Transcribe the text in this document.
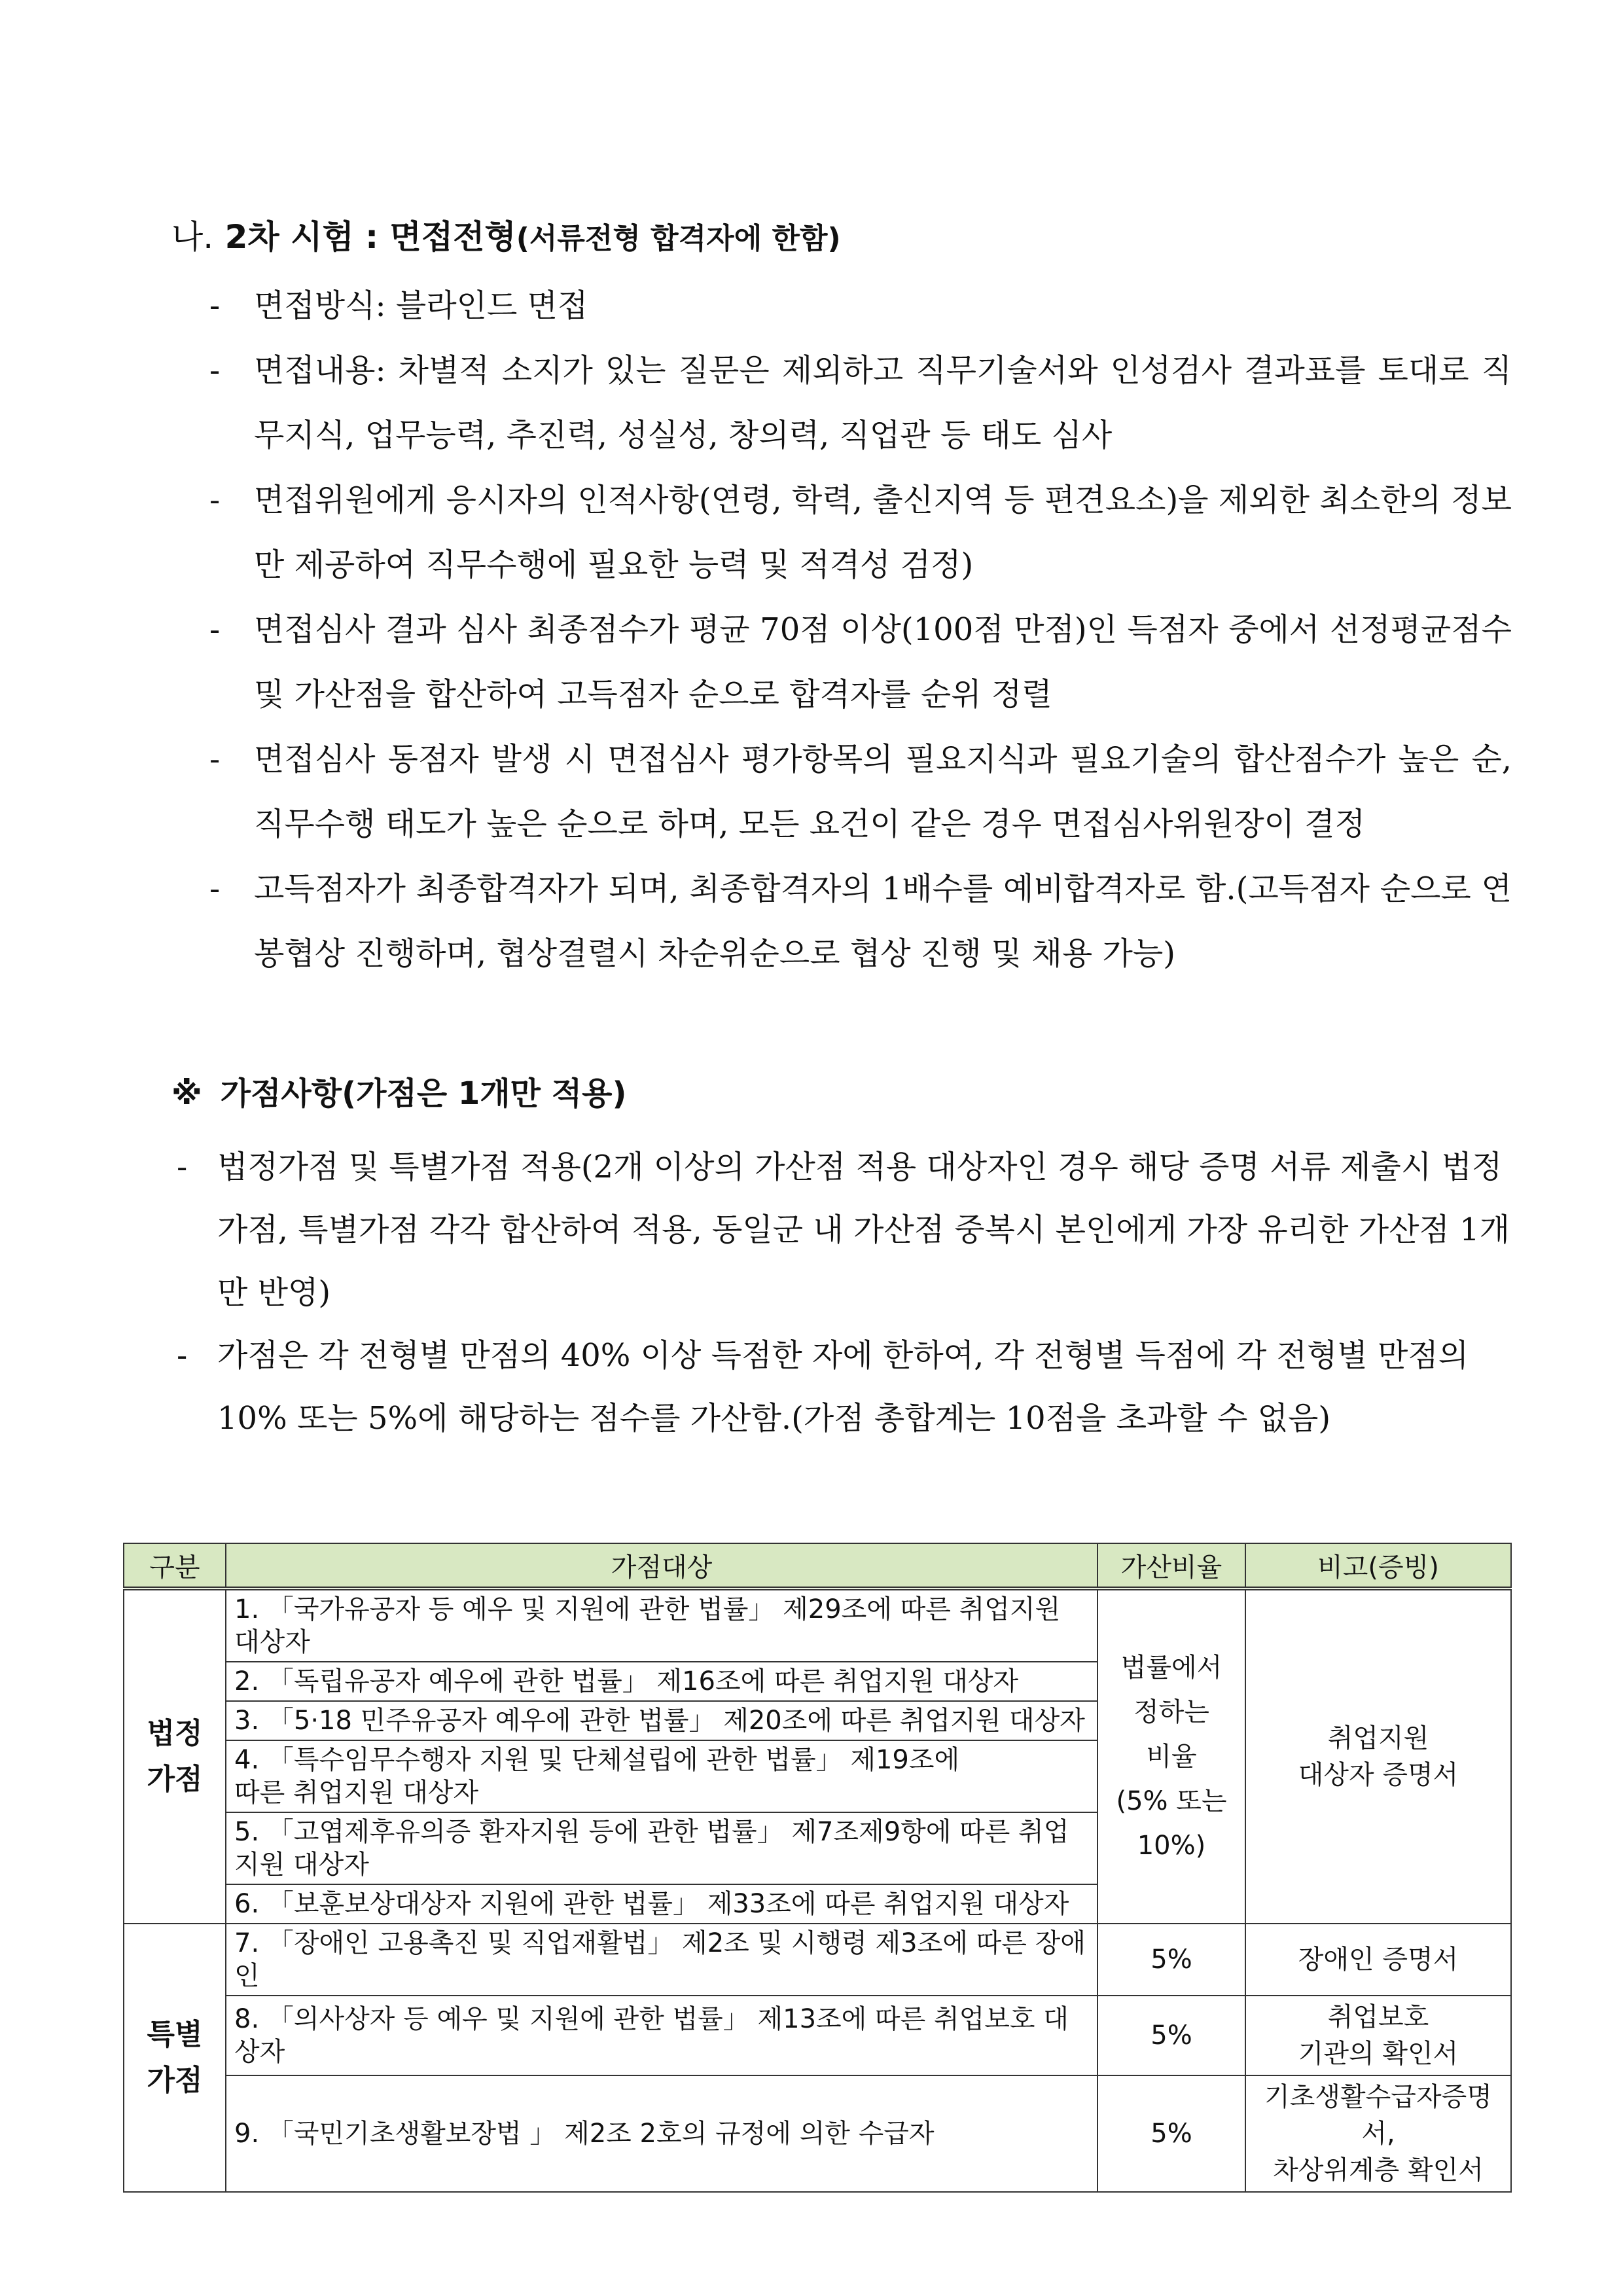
나. 2차 시험 : 면접전형(서류전형 합격자에 한함)
- 면접방식: 블라인드 면접
- 면접내용: 차별적 소지가 있는 질문은 제외하고 직무기술서와 인성검사 결과표를 토대로 직무지식, 업무능력, 추진력, 성실성, 창의력, 직업관 등 태도 심사
- 면접위원에게 응시자의 인적사항(연령, 학력, 출신지역 등 편견요소)을 제외한 최소한의 정보만 제공하여 직무수행에 필요한 능력 및 적격성 검정)
- 면접심사 결과 심사 최종점수가 평균 70점 이상(100점 만점)인 득점자 중에서 선정평균점수 및 가산점을 합산하여 고득점자 순으로 합격자를 순위 정렬
- 면접심사 동점자 발생 시 면접심사 평가항목의 필요지식과 필요기술의 합산점수가 높은 순, 직무수행 태도가 높은 순으로 하며, 모든 요건이 같은 경우 면접심사위원장이 결정
- 고득점자가 최종합격자가 되며, 최종합격자의 1배수를 예비합격자로 함.(고득점자 순으로 연봉협상 진행하며, 협상결렬시 차순위순으로 협상 진행 및 채용 가능)
※ 가점사항(가점은 1개만 적용)
- 법정가점 및 특별가점 적용(2개 이상의 가산점 적용 대상자인 경우 해당 증명 서류 제출시 법정가점, 특별가점 각각 합산하여 적용, 동일군 내 가산점 중복시 본인에게 가장 유리한 가산점 1개만 반영)
- 가점은 각 전형별 만점의 40% 이상 득점한 자에 한하여, 각 전형별 득점에 각 전형별 만점의 10% 또는 5%에 해당하는 점수를 가산함.(가점 총합계는 10점을 초과할 수 없음)
구분	가점대상	가산비율	비고(증빙)
법정
가점	1. 「국가유공자 등 예우 및 지원에 관한 법률」 제29조에 따른 취업지원 대상자	법률에서
정하는
비율
(5% 또는
10%)	취업지원
대상자 증명서
	2. 「독립유공자 예우에 관한 법률」 제16조에 따른 취업지원 대상자		
	3. 「5·18 민주유공자 예우에 관한 법률」 제20조에 따른 취업지원 대상자		
	4. 「특수임무수행자 지원 및 단체설립에 관한 법률」 제19조에
따른 취업지원 대상자		
	5. 「고엽제후유의증 환자지원 등에 관한 법률」 제7조제9항에 따른 취업지원 대상자		
	6. 「보훈보상대상자 지원에 관한 법률」 제33조에 따른 취업지원 대상자		
특별
가점	7. 「장애인 고용촉진 및 직업재활법」 제2조 및 시행령 제3조에 따른 장애인	5%	장애인 증명서
	8. 「의사상자 등 예우 및 지원에 관한 법률」 제13조에 따른 취업보호 대상자	5%	취업보호
기관의 확인서
	9. 「국민기초생활보장법 」 제2조 2호의 규정에 의한 수급자	5%	기초생활수급자증명서,
차상위계층 확인서
